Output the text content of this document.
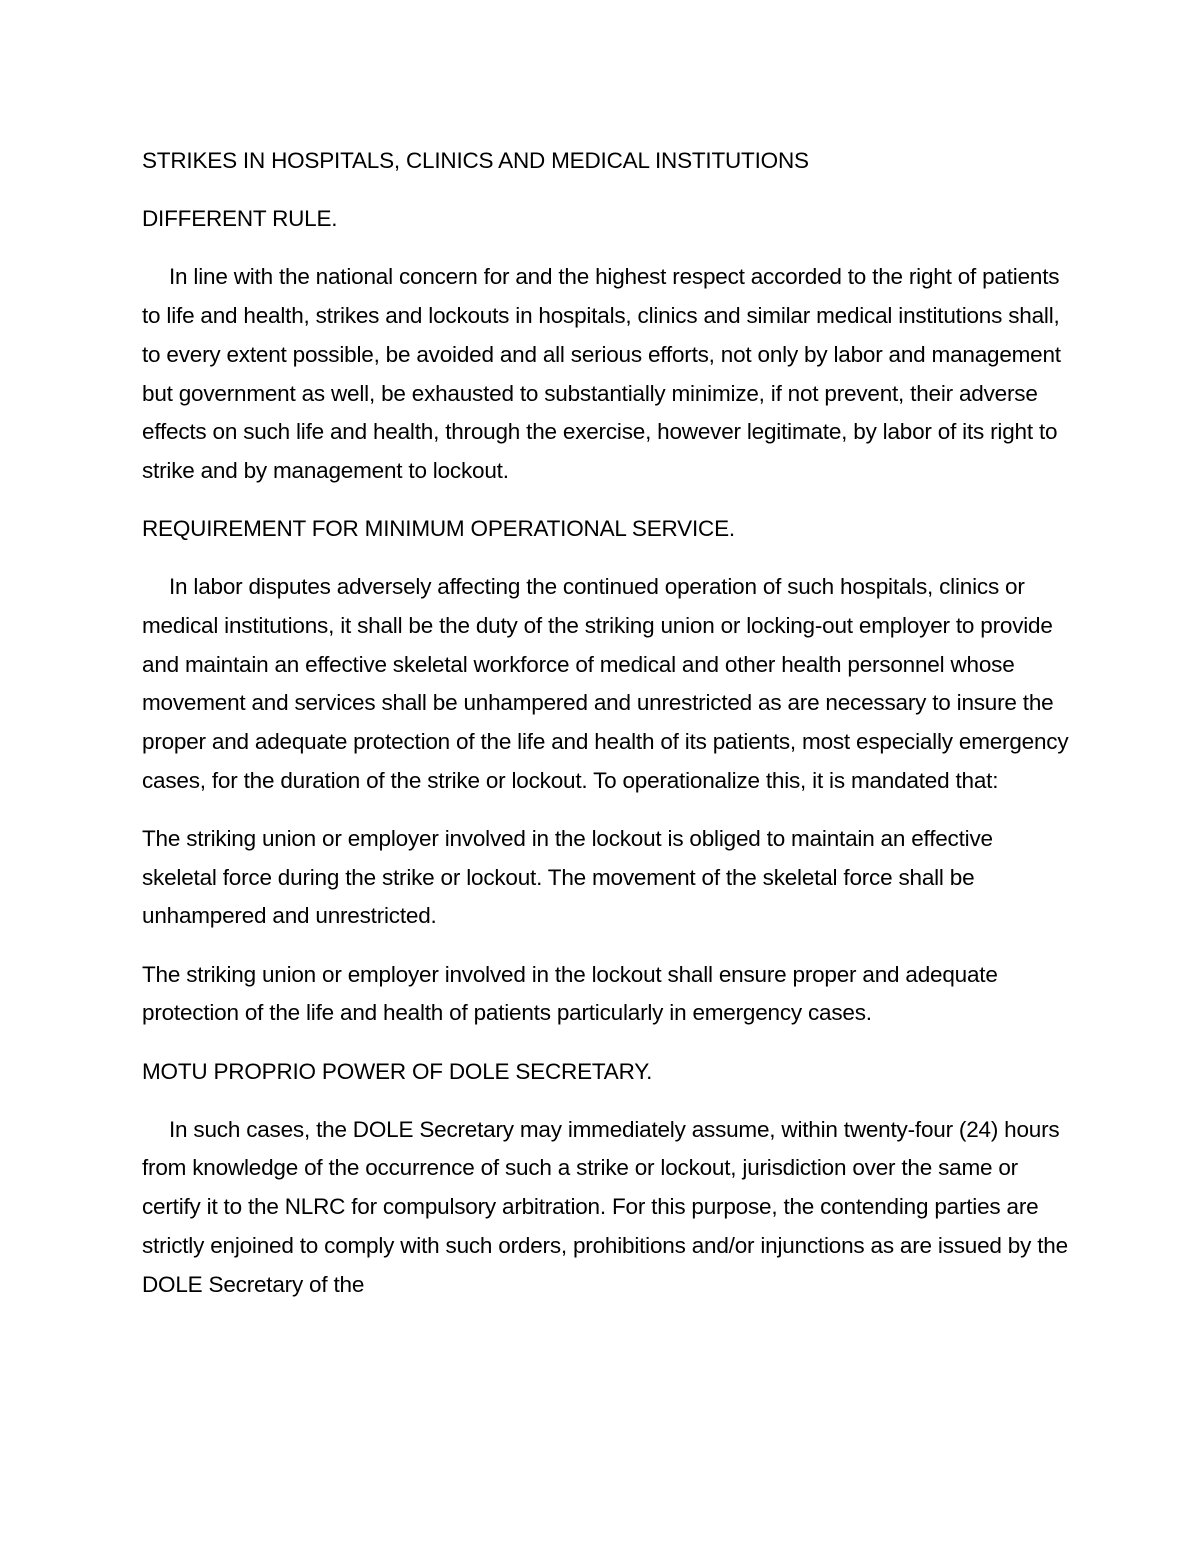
STRIKES IN HOSPITALS, CLINICS AND MEDICAL INSTITUTIONS

DIFFERENT RULE.

In line with the national concern for and the highest respect accorded to the right of patients to life and health, strikes and lockouts in hospitals, clinics and similar medical institutions shall, to every extent possible, be avoided and all serious efforts, not only by labor and management but government as well, be exhausted to substantially minimize, if not prevent, their adverse effects on such life and health, through the exercise, however legitimate, by labor of its right to strike and by management to lockout.

REQUIREMENT FOR MINIMUM OPERATIONAL SERVICE.

In labor disputes adversely affecting the continued operation of such hospitals, clinics or medical institutions, it shall be the duty of the striking union or locking-out employer to provide and maintain an effective skeletal workforce of medical and other health personnel whose movement and services shall be unhampered and unrestricted as are necessary to insure the proper and adequate protection of the life and health of its patients, most especially emergency cases, for the duration of the strike or lockout. To operationalize this, it is mandated that:

The striking union or employer involved in the lockout is obliged to maintain an effective skeletal force during the strike or lockout. The movement of the skeletal force shall be unhampered and unrestricted.

The striking union or employer involved in the lockout shall ensure proper and adequate protection of the life and health of patients particularly in emergency cases.

MOTU PROPRIO POWER OF DOLE SECRETARY.

In such cases, the DOLE Secretary may immediately assume, within twenty-four (24) hours from knowledge of the occurrence of such a strike or lockout, jurisdiction over the same or certify it to the NLRC for compulsory arbitration. For this purpose, the contending parties are strictly enjoined to comply with such orders, prohibitions and/or injunctions as are issued by the DOLE Secretary of the
